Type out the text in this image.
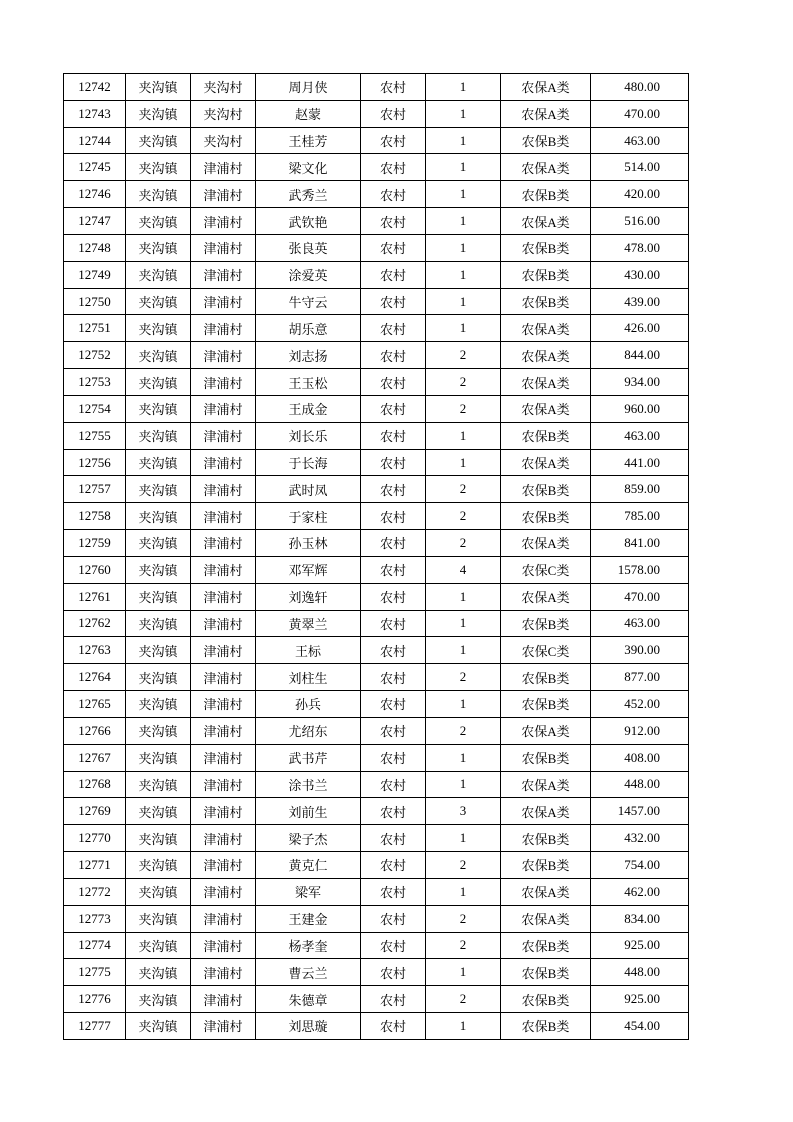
12742	夹沟镇	夹沟村	周月侠	农村	1	农保A类	480.00
12743	夹沟镇	夹沟村	赵蒙	农村	1	农保A类	470.00
12744	夹沟镇	夹沟村	王桂芳	农村	1	农保B类	463.00
12745	夹沟镇	津浦村	梁文化	农村	1	农保A类	514.00
12746	夹沟镇	津浦村	武秀兰	农村	1	农保B类	420.00
12747	夹沟镇	津浦村	武钦艳	农村	1	农保A类	516.00
12748	夹沟镇	津浦村	张良英	农村	1	农保B类	478.00
12749	夹沟镇	津浦村	涂爱英	农村	1	农保B类	430.00
12750	夹沟镇	津浦村	牛守云	农村	1	农保B类	439.00
12751	夹沟镇	津浦村	胡乐意	农村	1	农保A类	426.00
12752	夹沟镇	津浦村	刘志扬	农村	2	农保A类	844.00
12753	夹沟镇	津浦村	王玉松	农村	2	农保A类	934.00
12754	夹沟镇	津浦村	王成金	农村	2	农保A类	960.00
12755	夹沟镇	津浦村	刘长乐	农村	1	农保B类	463.00
12756	夹沟镇	津浦村	于长海	农村	1	农保A类	441.00
12757	夹沟镇	津浦村	武时凤	农村	2	农保B类	859.00
12758	夹沟镇	津浦村	于家柱	农村	2	农保B类	785.00
12759	夹沟镇	津浦村	孙玉林	农村	2	农保A类	841.00
12760	夹沟镇	津浦村	邓军辉	农村	4	农保C类	1578.00
12761	夹沟镇	津浦村	刘逸轩	农村	1	农保A类	470.00
12762	夹沟镇	津浦村	黄翠兰	农村	1	农保B类	463.00
12763	夹沟镇	津浦村	王标	农村	1	农保C类	390.00
12764	夹沟镇	津浦村	刘柱生	农村	2	农保B类	877.00
12765	夹沟镇	津浦村	孙兵	农村	1	农保B类	452.00
12766	夹沟镇	津浦村	尤绍东	农村	2	农保A类	912.00
12767	夹沟镇	津浦村	武书芹	农村	1	农保B类	408.00
12768	夹沟镇	津浦村	涂书兰	农村	1	农保A类	448.00
12769	夹沟镇	津浦村	刘前生	农村	3	农保A类	1457.00
12770	夹沟镇	津浦村	梁子杰	农村	1	农保B类	432.00
12771	夹沟镇	津浦村	黄克仁	农村	2	农保B类	754.00
12772	夹沟镇	津浦村	梁军	农村	1	农保A类	462.00
12773	夹沟镇	津浦村	王建金	农村	2	农保A类	834.00
12774	夹沟镇	津浦村	杨孝奎	农村	2	农保B类	925.00
12775	夹沟镇	津浦村	曹云兰	农村	1	农保B类	448.00
12776	夹沟镇	津浦村	朱德章	农村	2	农保B类	925.00
12777	夹沟镇	津浦村	刘思璇	农村	1	农保B类	454.00
